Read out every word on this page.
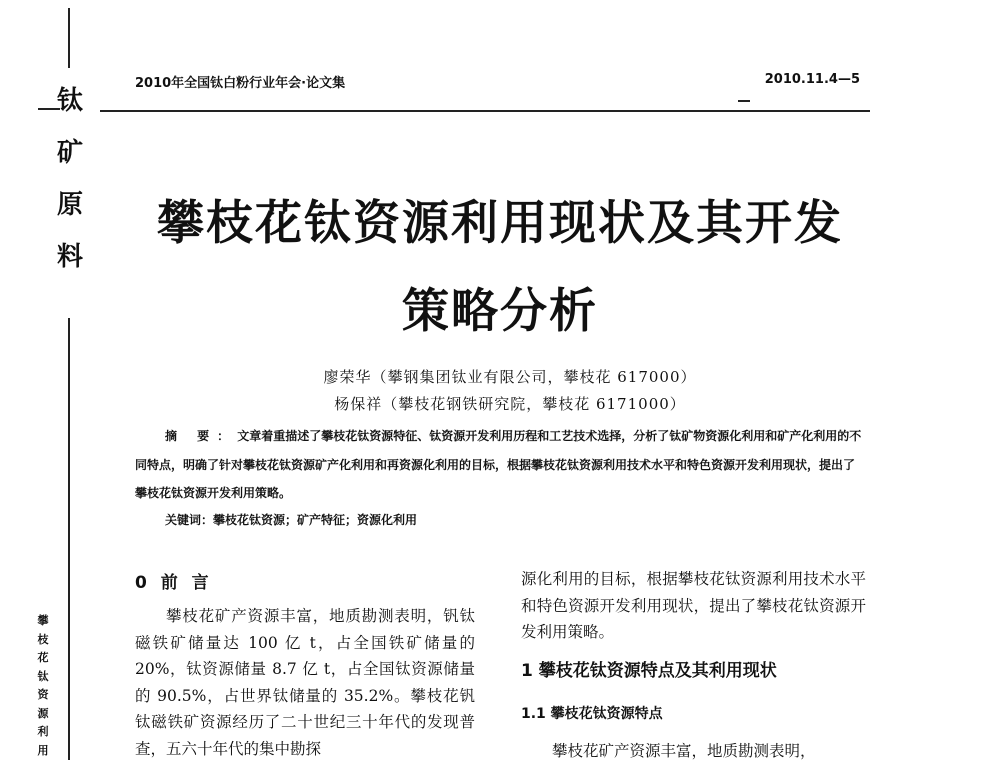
钛
矿
原
料
攀
枝
花
钛
资
源
利
用
2010年全国钛白粉行业年会·论文集	2010.11.4—5
攀枝花钛资源利用现状及其开发
策略分析
廖荣华（攀钢集团钛业有限公司，攀枝花 617000）
杨保祥（攀枝花钢铁研究院，攀枝花 6171000）
摘 要：文章着重描述了攀枝花钛资源特征、钛资源开发利用历程和工艺技术选择，分析了钛矿物资源化利用和矿产化利用的不同特点，明确了针对攀枝花钛资源矿产化利用和再资源化利用的目标，根据攀枝花钛资源利用技术水平和特色资源开发利用现状，提出了攀枝花钛资源开发利用策略。
关键词：攀枝花钛资源；矿产特征；资源化利用
0 前 言

攀枝花矿产资源丰富，地质勘测表明，钒钛磁铁矿储量达 100 亿 t，占全国铁矿储量的 20%，钛资源储量 8.7 亿 t，占全国钛资源储量的 90.5%，占世界钛储量的 35.2%。攀枝花钒钛磁铁矿资源经历了二十世纪三十年代的发现普查，五六十年代的集中勘探

源化利用的目标，根据攀枝花钛资源利用技术水平和特色资源开发利用现状，提出了攀枝花钛资源开发利用策略。

1 攀枝花钛资源特点及其利用现状
1.1 攀枝花钛资源特点

攀枝花矿产资源丰富，地质勘测表明，
